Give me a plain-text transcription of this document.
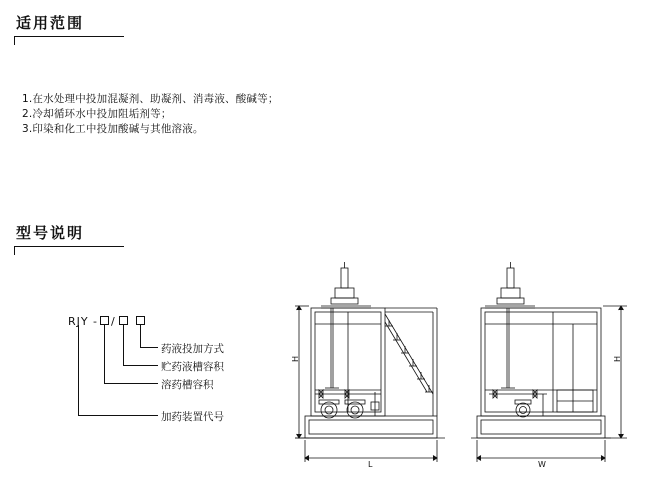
适用范围
1.在水处理中投加混凝剂、助凝剂、消毒液、酸碱等；
2.冷却循环水中投加阻垢剂等；
3.印染和化工中投加酸碱与其他溶液。
型号说明
RJY - /
药液投加方式
贮药液槽容积
溶药槽容积
加药装置代号
H	H
L	W
